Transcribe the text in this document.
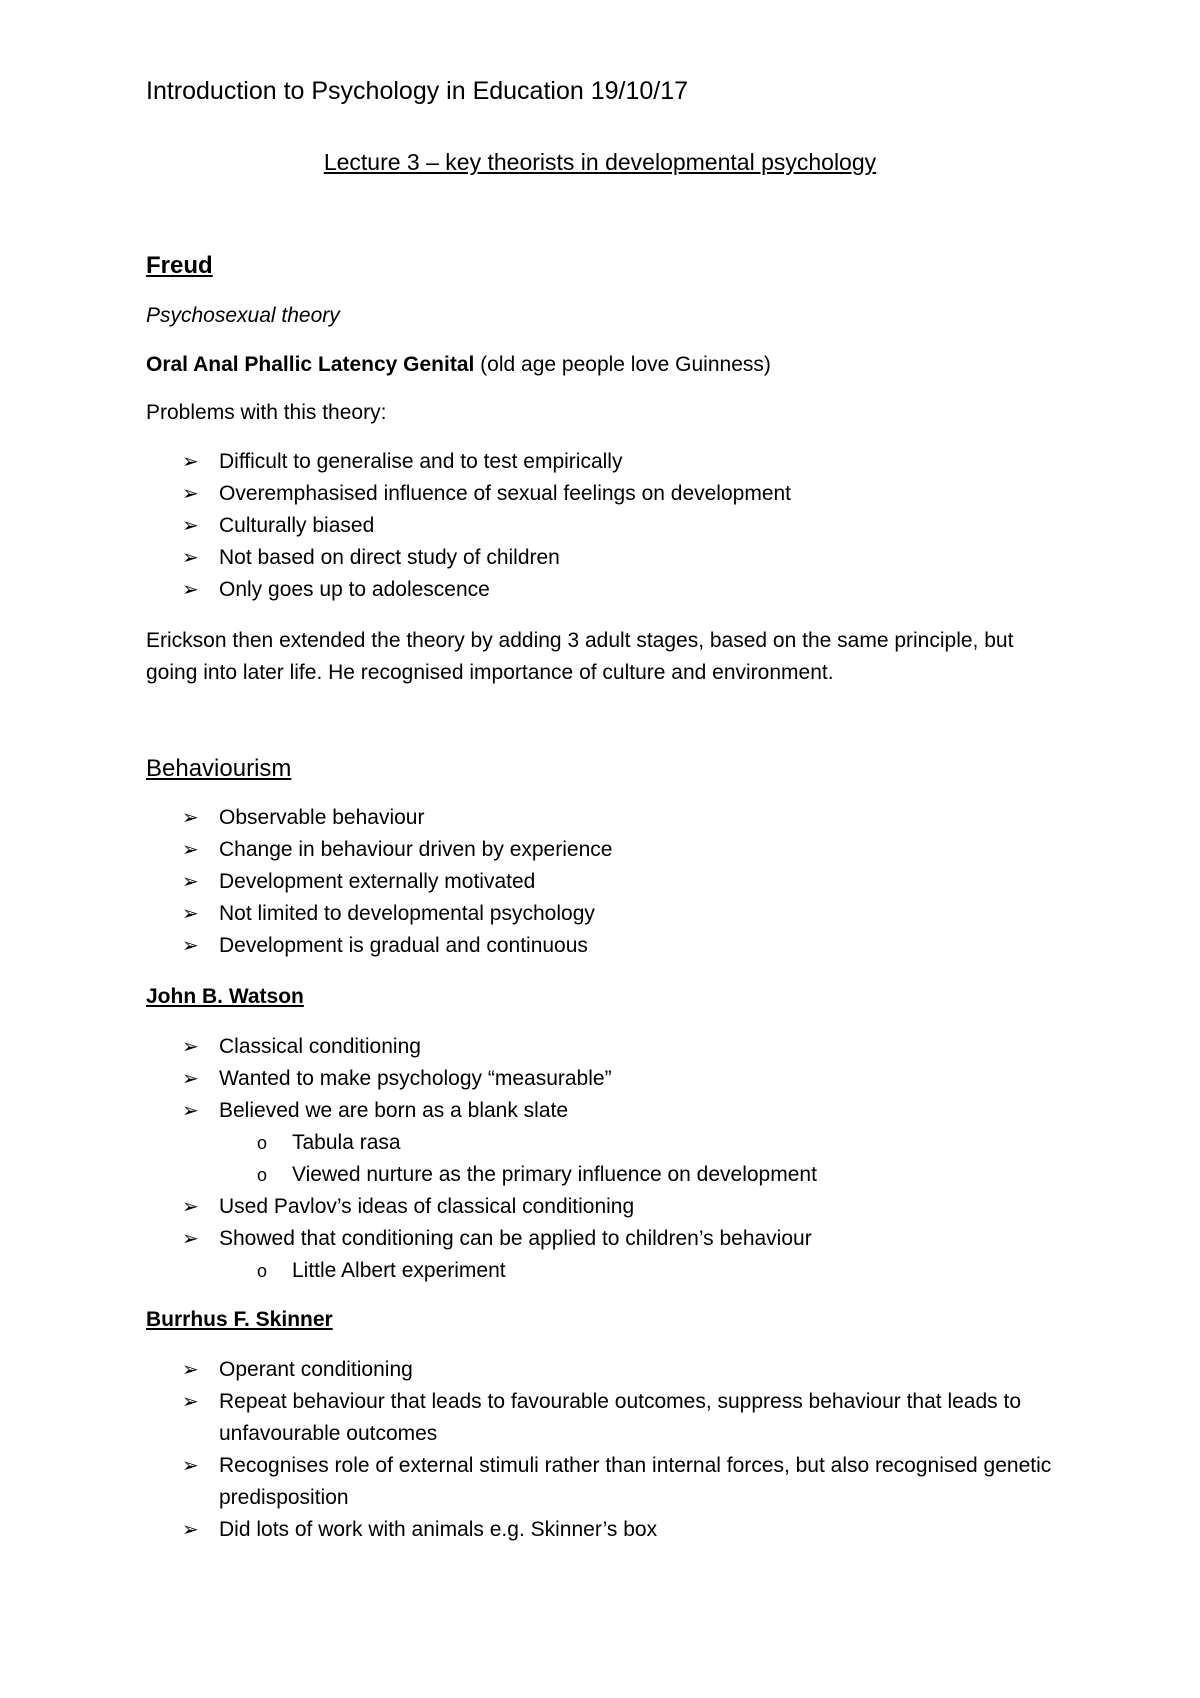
Introduction to Psychology in Education 19/10/17
Lecture 3 – key theorists in developmental psychology
Freud
Psychosexual theory
Oral Anal Phallic Latency Genital (old age people love Guinness)
Problems with this theory:
➢ Difficult to generalise and to test empirically
➢ Overemphasised influence of sexual feelings on development
➢ Culturally biased
➢ Not based on direct study of children
➢ Only goes up to adolescence
Erickson then extended the theory by adding 3 adult stages, based on the same principle, but going into later life. He recognised importance of culture and environment.
Behaviourism
➢ Observable behaviour
➢ Change in behaviour driven by experience
➢ Development externally motivated
➢ Not limited to developmental psychology
➢ Development is gradual and continuous
John B. Watson
➢ Classical conditioning
➢ Wanted to make psychology “measurable”
➢ Believed we are born as a blank slate
o Tabula rasa
o Viewed nurture as the primary influence on development
➢ Used Pavlov’s ideas of classical conditioning
➢ Showed that conditioning can be applied to children’s behaviour
o Little Albert experiment
Burrhus F. Skinner
➢ Operant conditioning
➢ Repeat behaviour that leads to favourable outcomes, suppress behaviour that leads to unfavourable outcomes
➢ Recognises role of external stimuli rather than internal forces, but also recognised genetic predisposition
➢ Did lots of work with animals e.g. Skinner’s box
